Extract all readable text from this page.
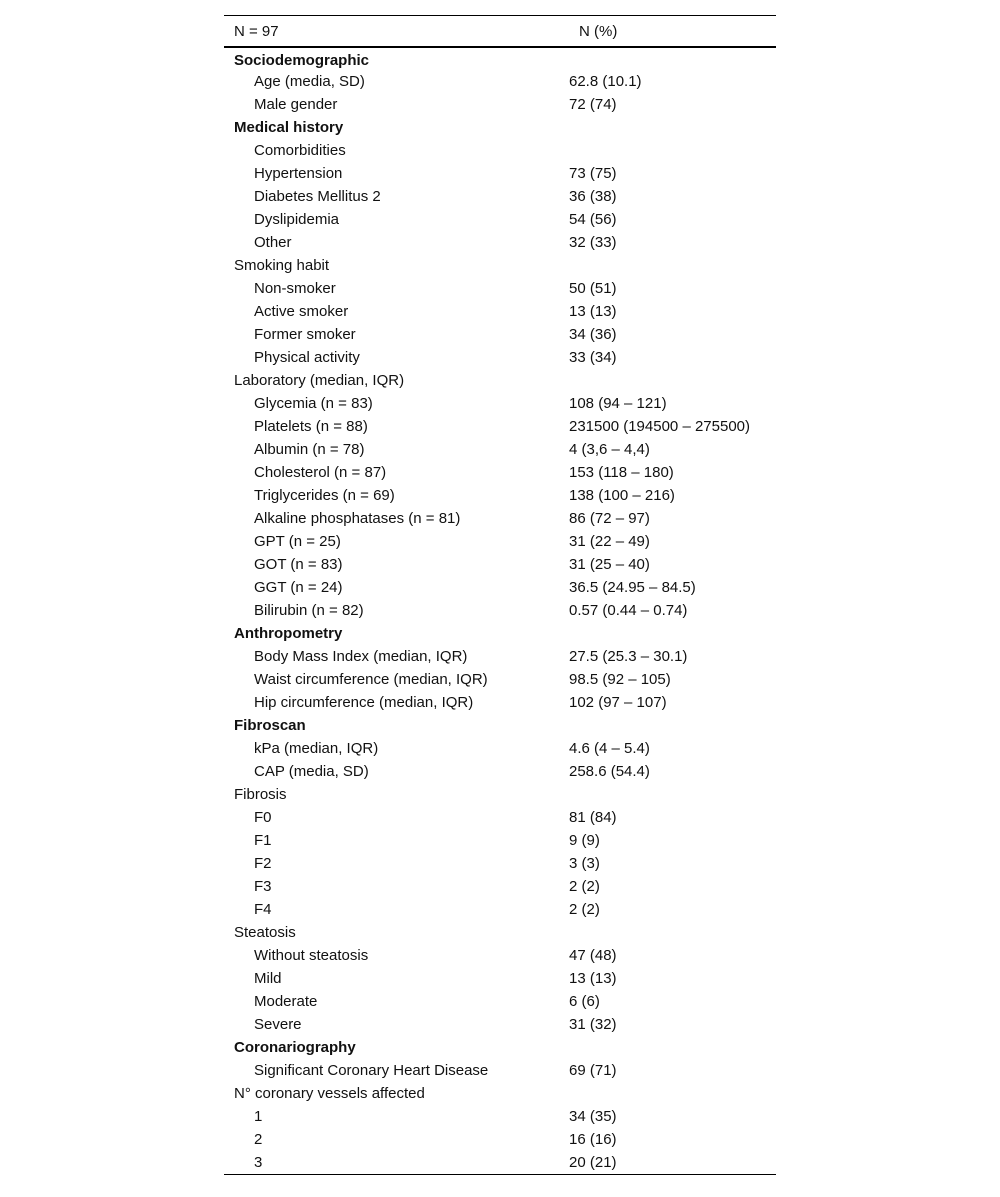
N = 97	N (%)
Sociodemographic	
Age (media, SD)	62.8 (10.1)
Male gender	72 (74)
Medical history	
Comorbidities	
Hypertension	73 (75)
Diabetes Mellitus 2	36 (38)
Dyslipidemia	54 (56)
Other	32 (33)
Smoking habit	
Non-smoker	50 (51)
Active smoker	13 (13)
Former smoker	34 (36)
Physical activity	33 (34)
Laboratory (median, IQR)	
Glycemia (n = 83)	108 (94 – 121)
Platelets (n = 88)	231500 (194500 – 275500)
Albumin (n = 78)	4 (3,6 – 4,4)
Cholesterol (n = 87)	153 (118 – 180)
Triglycerides (n = 69)	138 (100 – 216)
Alkaline phosphatases (n = 81)	86 (72 – 97)
GPT (n = 25)	31 (22 – 49)
GOT (n = 83)	31 (25 – 40)
GGT (n = 24)	36.5 (24.95 – 84.5)
Bilirubin (n = 82)	0.57 (0.44 – 0.74)
Anthropometry	
Body Mass Index (median, IQR)	27.5 (25.3 – 30.1)
Waist circumference (median, IQR)	98.5 (92 – 105)
Hip circumference (median, IQR)	102 (97 – 107)
Fibroscan	
kPa (median, IQR)	4.6 (4 – 5.4)
CAP (media, SD)	258.6 (54.4)
Fibrosis	
F0	81 (84)
F1	9 (9)
F2	3 (3)
F3	2 (2)
F4	2 (2)
Steatosis	
Without steatosis	47 (48)
Mild	13 (13)
Moderate	6 (6)
Severe	31 (32)
Coronariography	
Significant Coronary Heart Disease	69 (71)
N° coronary vessels affected	
1	34 (35)
2	16 (16)
3	20 (21)
